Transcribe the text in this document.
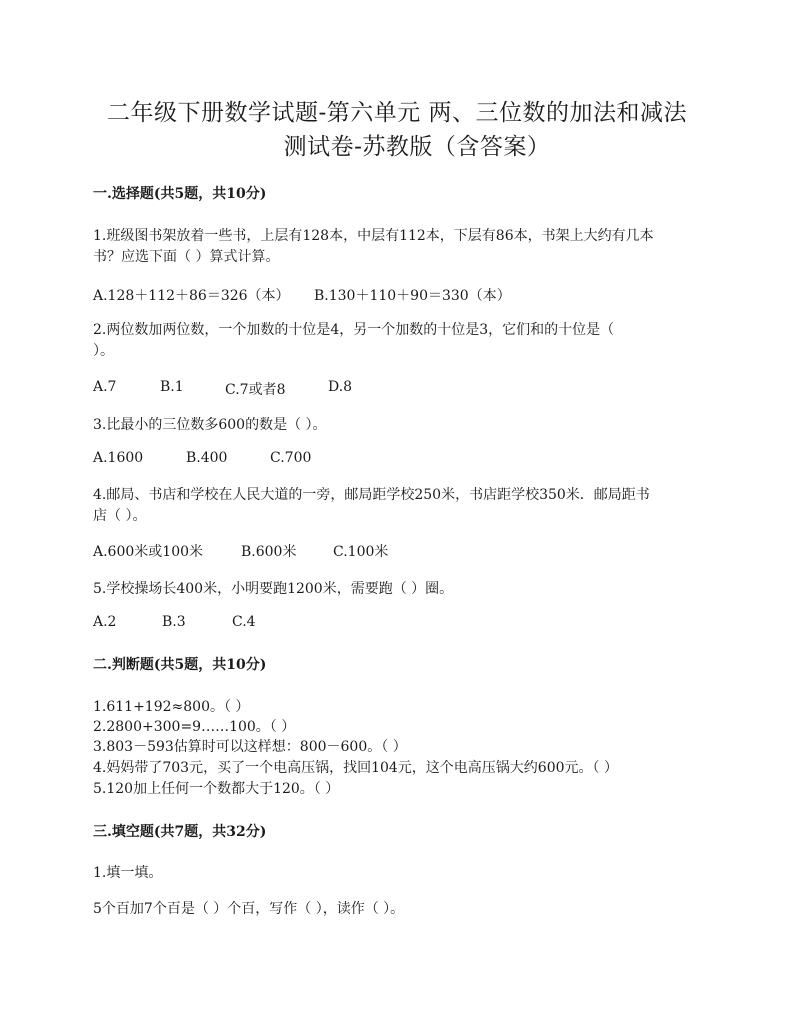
二年级下册数学试题-第六单元 两、三位数的加法和减法
测试卷-苏教版（含答案）
一.选择题(共5题，共10分)
1.班级图书架放着一些书，上层有128本，中层有112本，下层有86本，书架上大约有几本
书？应选下面（ ）算式计算。
A.128＋112＋86＝326（本） B.130＋110＋90＝330（本）
2.两位数加两位数，一个加数的十位是4，另一个加数的十位是3，它们和的十位是（
）。
A.7	B.1	C.7或者8	D.8
3.比最小的三位数多600的数是（ ）。
A.1600	B.400	C.700
4.邮局、书店和学校在人民大道的一旁，邮局距学校250米，书店距学校350米．邮局距书
店（ ）。
A.600米或100米	B.600米	C.100米
5.学校操场长400米，小明要跑1200米，需要跑（ ）圈。
A.2	B.3	C.4
二.判断题(共5题，共10分)
1.611+192≈800。（ ）
2.2800+300=9……100。（ ）
3.803－593估算时可以这样想：800－600。（ ）
4.妈妈带了703元，买了一个电高压锅，找回104元，这个电高压锅大约600元。（ ）
5.120加上任何一个数都大于120。（ ）
三.填空题(共7题，共32分)
1.填一填。
5个百加7个百是（ ）个百，写作（ ），读作（ ）。
